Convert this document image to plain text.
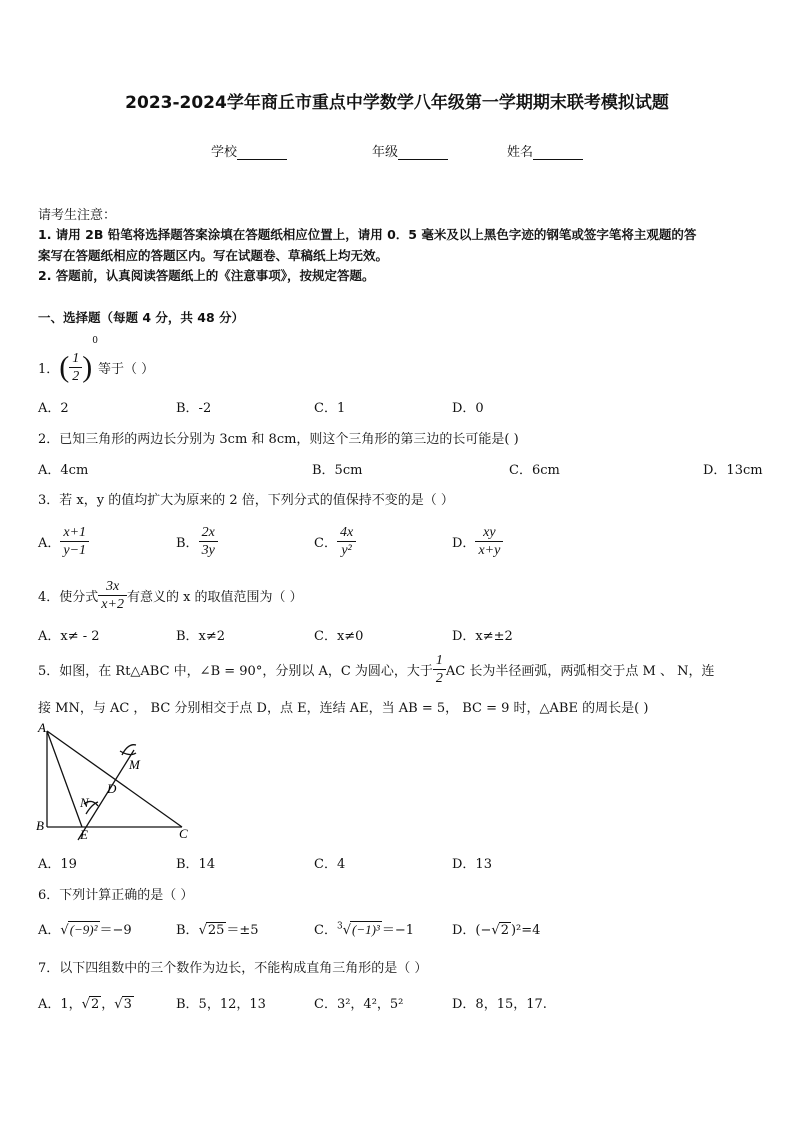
2023-2024学年商丘市重点中学数学八年级第一学期期末联考模拟试题
学校	年级	姓名
请考生注意：
1. 请用 2B 铅笔将选择题答案涂填在答题纸相应位置上，请用 0．5 毫米及以上黑色字迹的钢笔或签字笔将主观题的答
案写在答题纸相应的答题区内。写在试题卷、草稿纸上均无效。
2. 答题前，认真阅读答题纸上的《注意事项》，按规定答题。
一、选择题（每题 4 分，共 48 分）
1．( $\frac{1}{2} )^0$等于（ ）
A．2	B．-2	C．1	D．0
2．已知三角形的两边长分别为 3cm 和 8cm，则这个三角形的第三边的长可能是( )
A．4cm	B．5cm	C．6cm	D．13cm
3．若 x，y 的值均扩大为原来的 2 倍，下列分式的值保持不变的是（ ）
A． $\frac{x+1}{y-1}$	B． $\frac{2x}{3y}$	C． $\frac{4x}{\text{y²}}$	D． $\frac{xy}{x+y}$
4．使分式 $\frac{3x}{x+2}$ 有意义的 x 的取值范围为（ ）
A．x≠ - 2	B．x≠2	C．x≠0	D．x≠±2
5．如图，在 Rt△ABC 中，∠B = 90°，分别以 A，C 为圆心，大于 $\frac{1}{2}$ AC 长为半径画弧，两弧相交于点 M 、 N，连
接 MN，与 AC ， BC 分别相交于点 D，点 E，连结 AE，当 AB = 5， BC = 9 时，△ABE 的周长是( )
A
B
C
D
E
M
N
A．19	B．14	C．4	D．13
6．下列计算正确的是（ ）
A．√(−9)² ＝−9	B．√25 ＝±5	C．$^3$√(−1)³ ＝−1	D．(−√2 )²=4
7．以下四组数中的三个数作为边长，不能构成直角三角形的是（ ）
A．1，√2 ，√3	B．5，12，13	C．3²，4²，5²	D．8，15，17.
